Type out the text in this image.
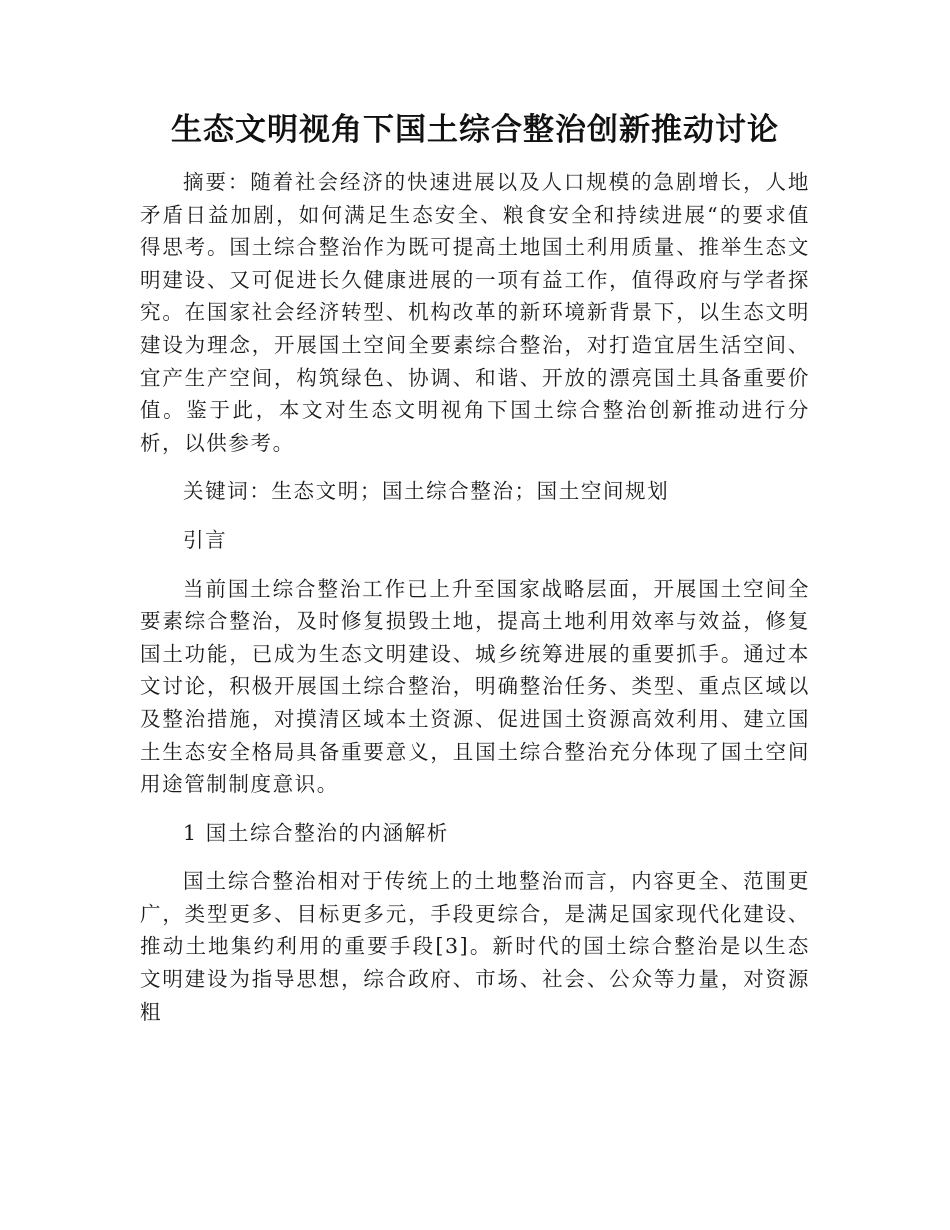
生态文明视角下国土综合整治创新推动讨论

摘要：随着社会经济的快速进展以及人口规模的急剧增长，人地矛盾日益加剧，如何满足生态安全、粮食安全和持续进展“的要求值得思考。国土综合整治作为既可提高土地国土利用质量、推举生态文明建设、又可促进长久健康进展的一项有益工作，值得政府与学者探究。在国家社会经济转型、机构改革的新环境新背景下，以生态文明建设为理念，开展国土空间全要素综合整治，对打造宜居生活空间、宜产生产空间，构筑绿色、协调、和谐、开放的漂亮国土具备重要价值。鉴于此，本文对生态文明视角下国土综合整治创新推动进行分析，以供参考。

关键词：生态文明；国土综合整治；国土空间规划

引言

当前国土综合整治工作已上升至国家战略层面，开展国土空间全要素综合整治，及时修复损毁土地，提高土地利用效率与效益，修复国土功能，已成为生态文明建设、城乡统筹进展的重要抓手。通过本文讨论，积极开展国土综合整治，明确整治任务、类型、重点区域以及整治措施，对摸清区域本土资源、促进国土资源高效利用、建立国土生态安全格局具备重要意义，且国土综合整治充分体现了国土空间用途管制制度意识。

1 国土综合整治的内涵解析

国土综合整治相对于传统上的土地整治而言，内容更全、范围更广，类型更多、目标更多元，手段更综合，是满足国家现代化建设、推动土地集约利用的重要手段[3]。新时代的国土综合整治是以生态文明建设为指导思想，综合政府、市场、社会、公众等力量，对资源粗
